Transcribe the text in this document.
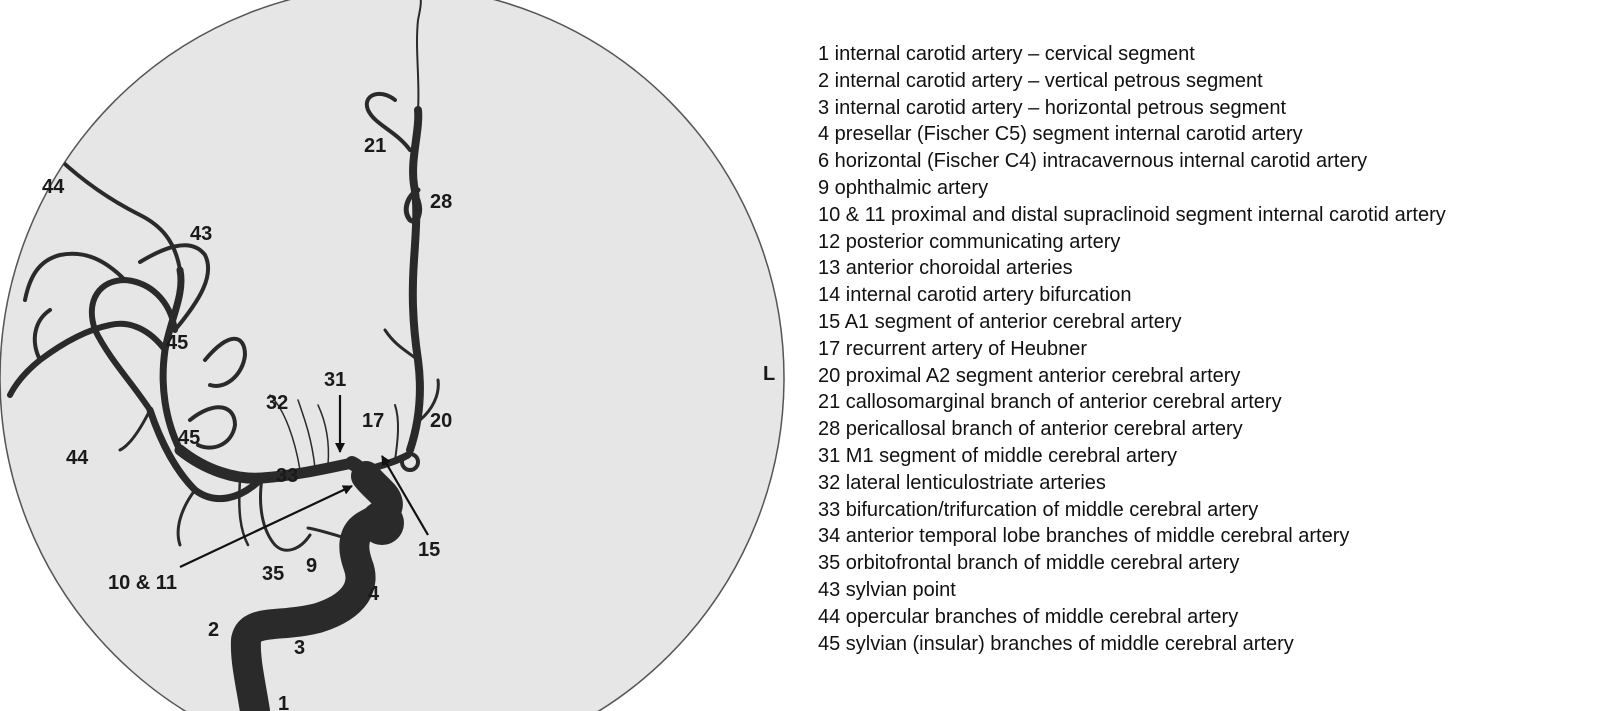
L
44
43
21
28
45
31
32
17 20
45
44
33
15
35 9
10 & 11	4
2
3
1
1 internal carotid artery – cervical segment
2 internal carotid artery – vertical petrous segment
3 internal carotid artery – horizontal petrous segment
4 presellar (Fischer C5) segment internal carotid artery
6 horizontal (Fischer C4) intracavernous internal carotid artery
9 ophthalmic artery
10 & 11 proximal and distal supraclinoid segment internal carotid artery
12 posterior communicating artery
13 anterior choroidal arteries
14 internal carotid artery bifurcation
15 A1 segment of anterior cerebral artery
17 recurrent artery of Heubner
20 proximal A2 segment anterior cerebral artery
21 callosomarginal branch of anterior cerebral artery
28 pericallosal branch of anterior cerebral artery
31 M1 segment of middle cerebral artery
32 lateral lenticulostriate arteries
33 bifurcation/trifurcation of middle cerebral artery
34 anterior temporal lobe branches of middle cerebral artery
35 orbitofrontal branch of middle cerebral artery
43 sylvian point
44 opercular branches of middle cerebral artery
45 sylvian (insular) branches of middle cerebral artery
